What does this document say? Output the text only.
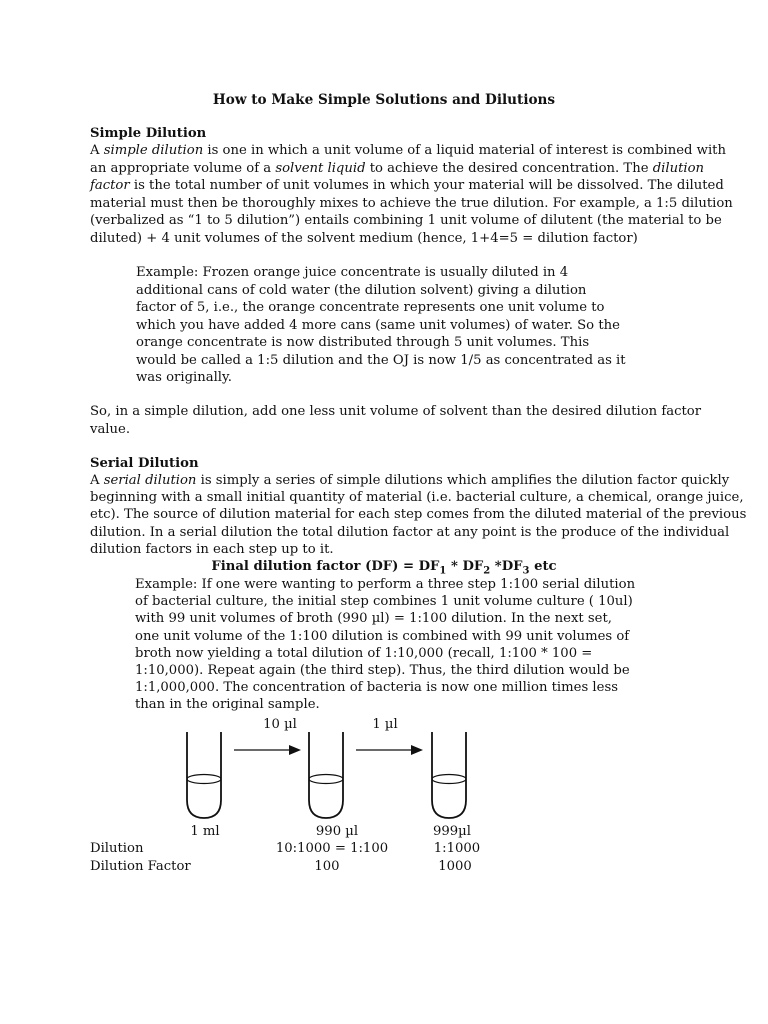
How to Make Simple Solutions and Dilutions
Simple Dilution
A simple dilution is one in which a unit volume of a liquid material of interest is combined with
an appropriate volume of a solvent liquid to achieve the desired concentration. The dilution
factor is the total number of unit volumes in which your material will be dissolved. The diluted
material must then be thoroughly mixes to achieve the true dilution. For example, a 1:5 dilution
(verbalized as “1 to 5 dilution”) entails combining 1 unit volume of dilutent (the material to be
diluted) + 4 unit volumes of the solvent medium (hence, 1+4=5 = dilution factor)
Example: Frozen orange juice concentrate is usually diluted in 4
additional cans of cold water (the dilution solvent) giving a dilution
factor of 5, i.e., the orange concentrate represents one unit volume to
which you have added 4 more cans (same unit volumes) of water. So the
orange concentrate is now distributed through 5 unit volumes. This
would be called a 1:5 dilution and the OJ is now 1/5 as concentrated as it
was originally.
So, in a simple dilution, add one less unit volume of solvent than the desired dilution factor
value.
Serial Dilution
A serial dilution is simply a series of simple dilutions which amplifies the dilution factor quickly
beginning with a small initial quantity of material (i.e. bacterial culture, a chemical, orange juice,
etc). The source of dilution material for each step comes from the diluted material of the previous
dilution. In a serial dilution the total dilution factor at any point is the produce of the individual
dilution factors in each step up to it.
Final dilution factor $(DF) = DF_1 * DF_2$ $*DF_3$ etc
Example: If one were wanting to perform a three step 1:100 serial dilution
of bacterial culture, the initial step combines 1 unit volume culture ( 10ul)
with 99 unit volumes of broth (990 µl) = 1:100 dilution. In the next set,
one unit volume of the 1:100 dilution is combined with 99 unit volumes of
broth now yielding a total dilution of 1:10,000 (recall, 1:100 * 100 =
1:10,000). Repeat again (the third step). Thus, the third dilution would be
1:1,000,000. The concentration of bacteria is now one million times less
than in the original sample.
10 µl	1 µl
1 ml	990 µl	999µl
Dilution	10:1000 = 1:100	1:1000
Dilution Factor	100	1000
